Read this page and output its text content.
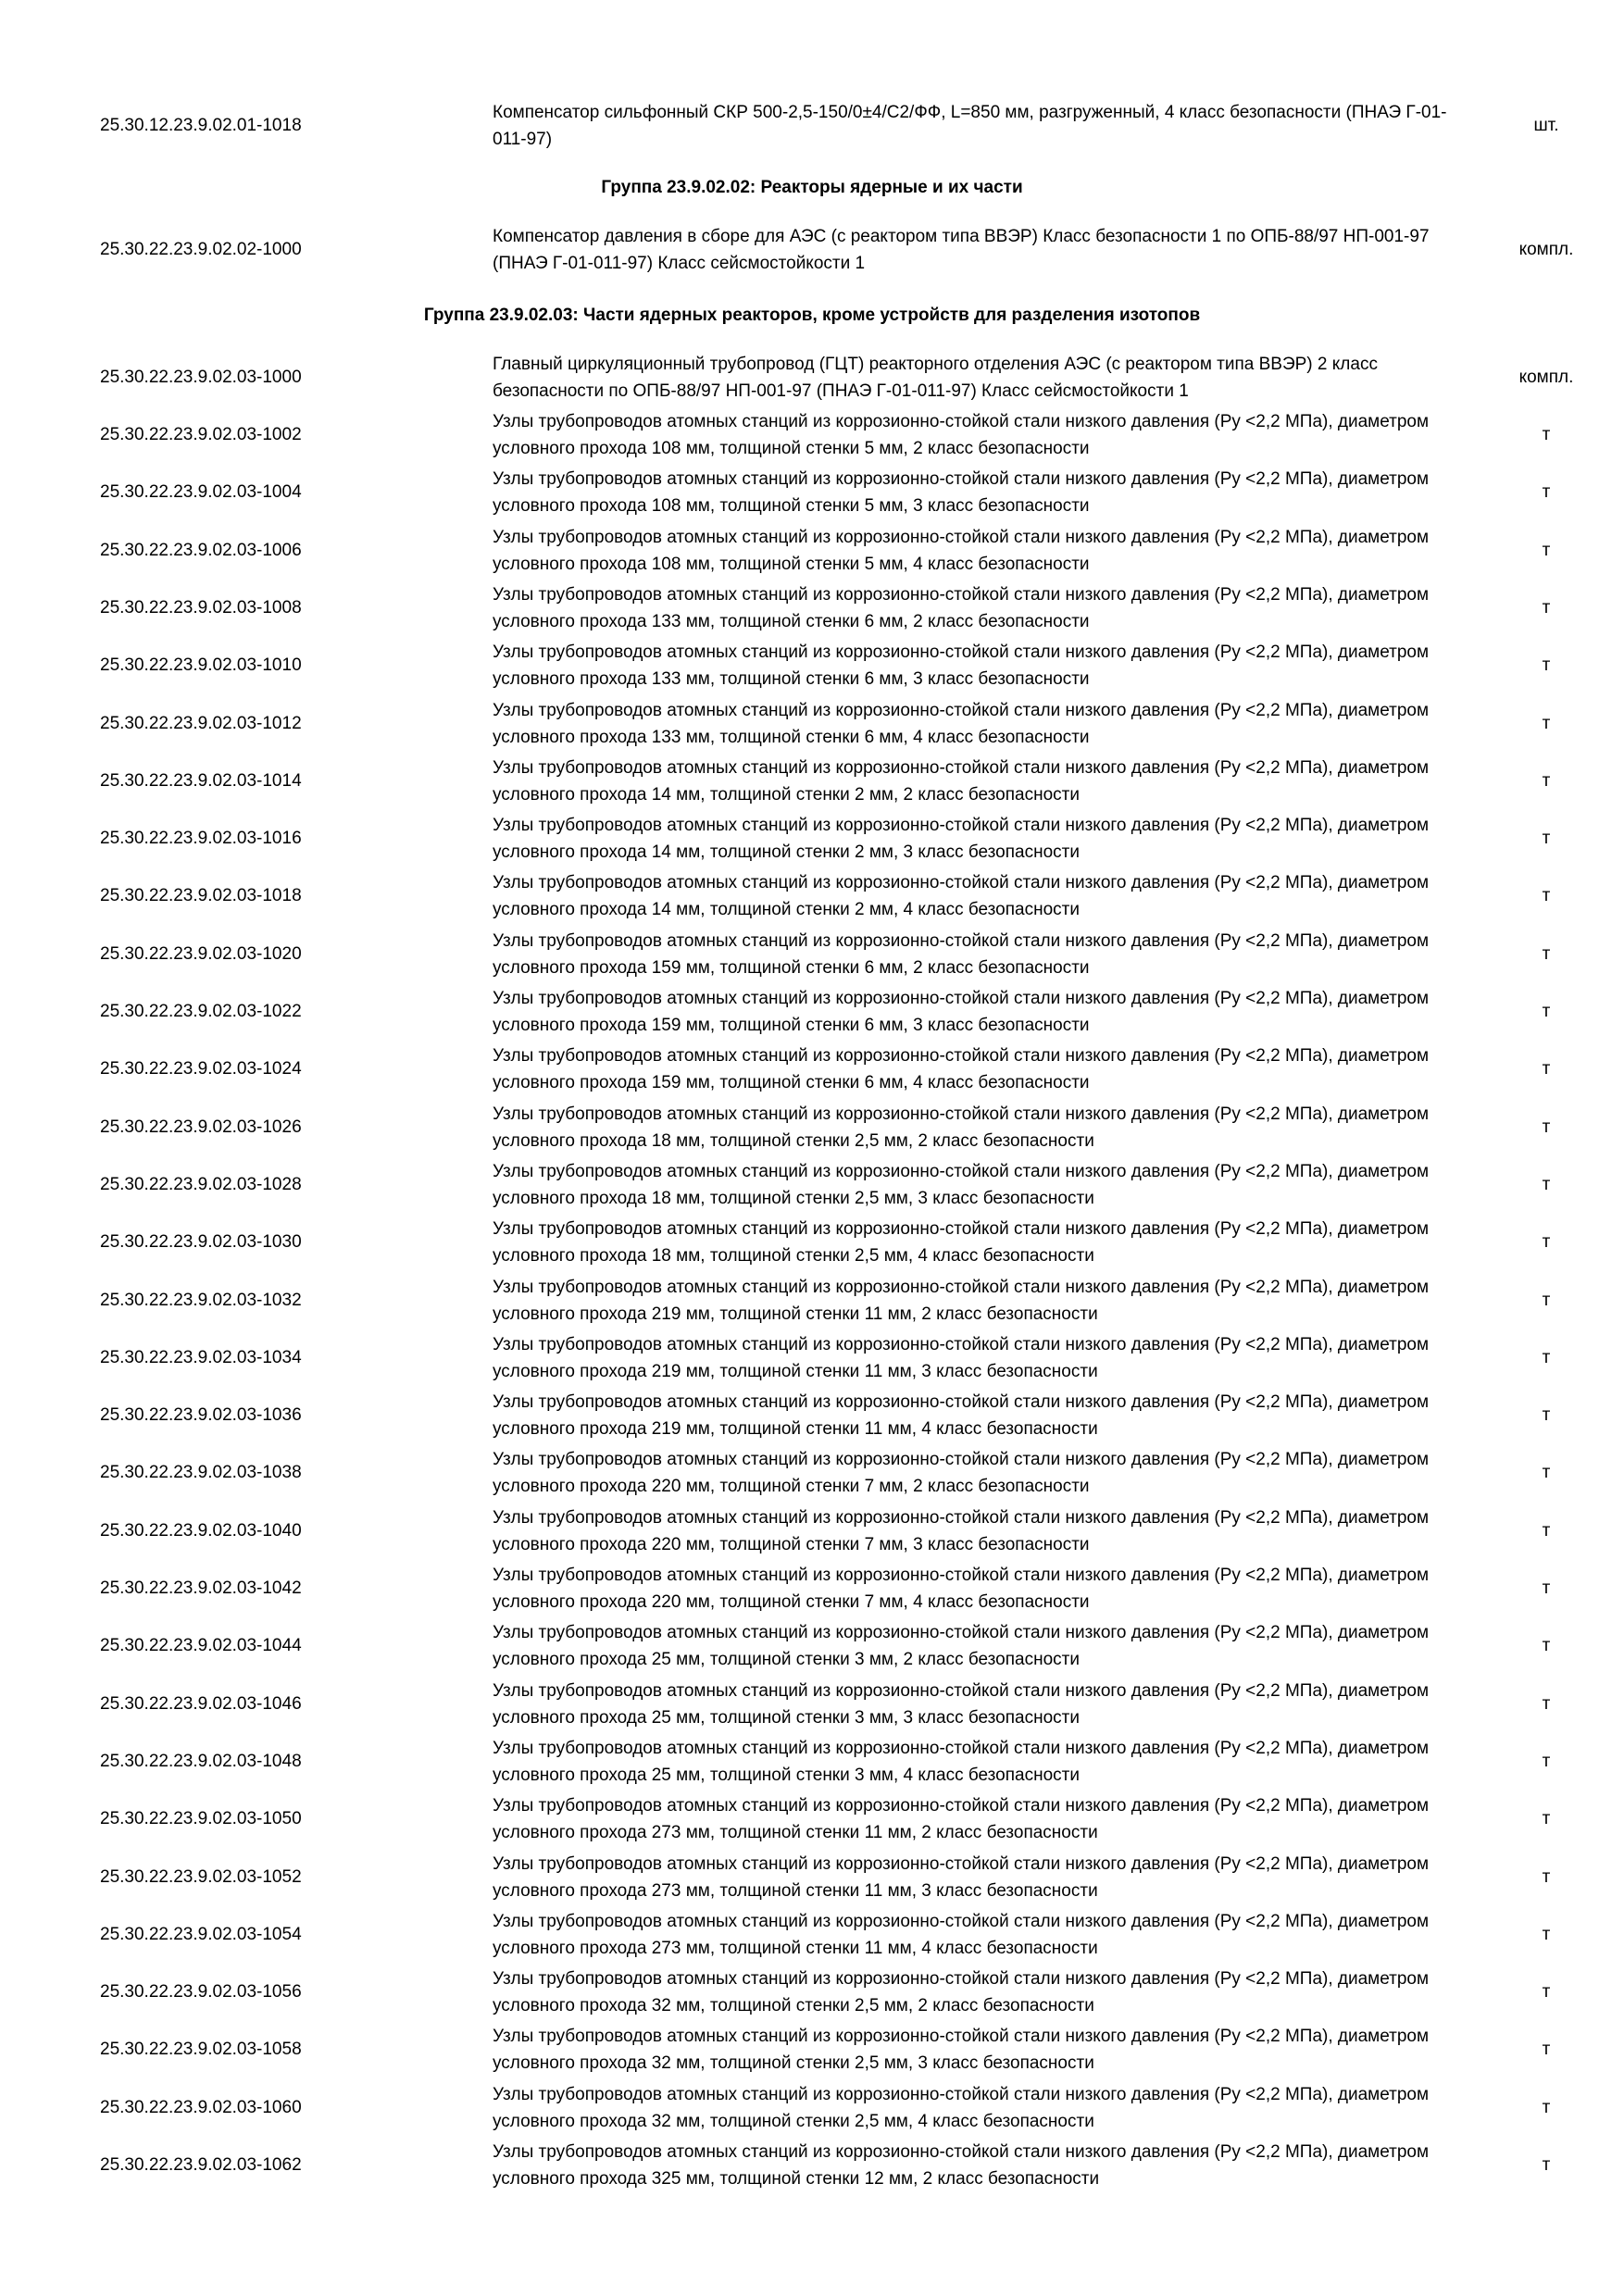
25.30.12.23.9.02.01-1018
Компенсатор сильфонный СКР 500-2,5-150/0±4/С2/ФФ, L=850 мм, разгруженный, 4 класс безопасности (ПНАЭ Г-01-011-97)
шт.
Группа 23.9.02.02: Реакторы ядерные и их части
25.30.22.23.9.02.02-1000
Компенсатор давления в сборе для АЭС (с реактором типа ВВЭР) Класс безопасности 1 по ОПБ-88/97 НП-001-97 (ПНАЭ Г-01-011-97) Класс сейсмостойкости 1
компл.
Группа 23.9.02.03: Части ядерных реакторов, кроме устройств для разделения изотопов
25.30.22.23.9.02.03-1000
Главный циркуляционный трубопровод (ГЦТ) реакторного отделения АЭС (с реактором типа ВВЭР) 2 класс безопасности по ОПБ-88/97 НП-001-97 (ПНАЭ Г-01-011-97) Класс сейсмостойкости 1
компл.
25.30.22.23.9.02.03-1002
Узлы трубопроводов атомных станций из коррозионно-стойкой стали низкого давления (Ру <2,2 МПа), диаметром условного прохода 108 мм, толщиной стенки 5 мм, 2 класс безопасности
т
25.30.22.23.9.02.03-1004
Узлы трубопроводов атомных станций из коррозионно-стойкой стали низкого давления (Ру <2,2 МПа), диаметром условного прохода 108 мм, толщиной стенки 5 мм, 3 класс безопасности
т
25.30.22.23.9.02.03-1006
Узлы трубопроводов атомных станций из коррозионно-стойкой стали низкого давления (Ру <2,2 МПа), диаметром условного прохода 108 мм, толщиной стенки 5 мм, 4 класс безопасности
т
25.30.22.23.9.02.03-1008
Узлы трубопроводов атомных станций из коррозионно-стойкой стали низкого давления (Ру <2,2 МПа), диаметром условного прохода 133 мм, толщиной стенки 6 мм, 2 класс безопасности
т
25.30.22.23.9.02.03-1010
Узлы трубопроводов атомных станций из коррозионно-стойкой стали низкого давления (Ру <2,2 МПа), диаметром условного прохода 133 мм, толщиной стенки 6 мм, 3 класс безопасности
т
25.30.22.23.9.02.03-1012
Узлы трубопроводов атомных станций из коррозионно-стойкой стали низкого давления (Ру <2,2 МПа), диаметром условного прохода 133 мм, толщиной стенки 6 мм, 4 класс безопасности
т
25.30.22.23.9.02.03-1014
Узлы трубопроводов атомных станций из коррозионно-стойкой стали низкого давления (Ру <2,2 МПа), диаметром условного прохода 14 мм, толщиной стенки 2 мм, 2 класс безопасности
т
25.30.22.23.9.02.03-1016
Узлы трубопроводов атомных станций из коррозионно-стойкой стали низкого давления (Ру <2,2 МПа), диаметром условного прохода 14 мм, толщиной стенки 2 мм, 3 класс безопасности
т
25.30.22.23.9.02.03-1018
Узлы трубопроводов атомных станций из коррозионно-стойкой стали низкого давления (Ру <2,2 МПа), диаметром условного прохода 14 мм, толщиной стенки 2 мм, 4 класс безопасности
т
25.30.22.23.9.02.03-1020
Узлы трубопроводов атомных станций из коррозионно-стойкой стали низкого давления (Ру <2,2 МПа), диаметром условного прохода 159 мм, толщиной стенки 6 мм, 2 класс безопасности
т
25.30.22.23.9.02.03-1022
Узлы трубопроводов атомных станций из коррозионно-стойкой стали низкого давления (Ру <2,2 МПа), диаметром условного прохода 159 мм, толщиной стенки 6 мм, 3 класс безопасности
т
25.30.22.23.9.02.03-1024
Узлы трубопроводов атомных станций из коррозионно-стойкой стали низкого давления (Ру <2,2 МПа), диаметром условного прохода 159 мм, толщиной стенки 6 мм, 4 класс безопасности
т
25.30.22.23.9.02.03-1026
Узлы трубопроводов атомных станций из коррозионно-стойкой стали низкого давления (Ру <2,2 МПа), диаметром условного прохода 18 мм, толщиной стенки 2,5 мм, 2 класс безопасности
т
25.30.22.23.9.02.03-1028
Узлы трубопроводов атомных станций из коррозионно-стойкой стали низкого давления (Ру <2,2 МПа), диаметром условного прохода 18 мм, толщиной стенки 2,5 мм, 3 класс безопасности
т
25.30.22.23.9.02.03-1030
Узлы трубопроводов атомных станций из коррозионно-стойкой стали низкого давления (Ру <2,2 МПа), диаметром условного прохода 18 мм, толщиной стенки 2,5 мм, 4 класс безопасности
т
25.30.22.23.9.02.03-1032
Узлы трубопроводов атомных станций из коррозионно-стойкой стали низкого давления (Ру <2,2 МПа), диаметром условного прохода 219 мм, толщиной стенки 11 мм, 2 класс безопасности
т
25.30.22.23.9.02.03-1034
Узлы трубопроводов атомных станций из коррозионно-стойкой стали низкого давления (Ру <2,2 МПа), диаметром условного прохода 219 мм, толщиной стенки 11 мм, 3 класс безопасности
т
25.30.22.23.9.02.03-1036
Узлы трубопроводов атомных станций из коррозионно-стойкой стали низкого давления (Ру <2,2 МПа), диаметром условного прохода 219 мм, толщиной стенки 11 мм, 4 класс безопасности
т
25.30.22.23.9.02.03-1038
Узлы трубопроводов атомных станций из коррозионно-стойкой стали низкого давления (Ру <2,2 МПа), диаметром условного прохода 220 мм, толщиной стенки 7 мм, 2 класс безопасности
т
25.30.22.23.9.02.03-1040
Узлы трубопроводов атомных станций из коррозионно-стойкой стали низкого давления (Ру <2,2 МПа), диаметром условного прохода 220 мм, толщиной стенки 7 мм, 3 класс безопасности
т
25.30.22.23.9.02.03-1042
Узлы трубопроводов атомных станций из коррозионно-стойкой стали низкого давления (Ру <2,2 МПа), диаметром условного прохода 220 мм, толщиной стенки 7 мм, 4 класс безопасности
т
25.30.22.23.9.02.03-1044
Узлы трубопроводов атомных станций из коррозионно-стойкой стали низкого давления (Ру <2,2 МПа), диаметром условного прохода 25 мм, толщиной стенки 3 мм, 2 класс безопасности
т
25.30.22.23.9.02.03-1046
Узлы трубопроводов атомных станций из коррозионно-стойкой стали низкого давления (Ру <2,2 МПа), диаметром условного прохода 25 мм, толщиной стенки 3 мм, 3 класс безопасности
т
25.30.22.23.9.02.03-1048
Узлы трубопроводов атомных станций из коррозионно-стойкой стали низкого давления (Ру <2,2 МПа), диаметром условного прохода 25 мм, толщиной стенки 3 мм, 4 класс безопасности
т
25.30.22.23.9.02.03-1050
Узлы трубопроводов атомных станций из коррозионно-стойкой стали низкого давления (Ру <2,2 МПа), диаметром условного прохода 273 мм, толщиной стенки 11 мм, 2 класс безопасности
т
25.30.22.23.9.02.03-1052
Узлы трубопроводов атомных станций из коррозионно-стойкой стали низкого давления (Ру <2,2 МПа), диаметром условного прохода 273 мм, толщиной стенки 11 мм, 3 класс безопасности
т
25.30.22.23.9.02.03-1054
Узлы трубопроводов атомных станций из коррозионно-стойкой стали низкого давления (Ру <2,2 МПа), диаметром условного прохода 273 мм, толщиной стенки 11 мм, 4 класс безопасности
т
25.30.22.23.9.02.03-1056
Узлы трубопроводов атомных станций из коррозионно-стойкой стали низкого давления (Ру <2,2 МПа), диаметром условного прохода 32 мм, толщиной стенки 2,5 мм, 2 класс безопасности
т
25.30.22.23.9.02.03-1058
Узлы трубопроводов атомных станций из коррозионно-стойкой стали низкого давления (Ру <2,2 МПа), диаметром условного прохода 32 мм, толщиной стенки 2,5 мм, 3 класс безопасности
т
25.30.22.23.9.02.03-1060
Узлы трубопроводов атомных станций из коррозионно-стойкой стали низкого давления (Ру <2,2 МПа), диаметром условного прохода 32 мм, толщиной стенки 2,5 мм, 4 класс безопасности
т
25.30.22.23.9.02.03-1062
Узлы трубопроводов атомных станций из коррозионно-стойкой стали низкого давления (Ру <2,2 МПа), диаметром условного прохода 325 мм, толщиной стенки 12 мм, 2 класс безопасности
т
